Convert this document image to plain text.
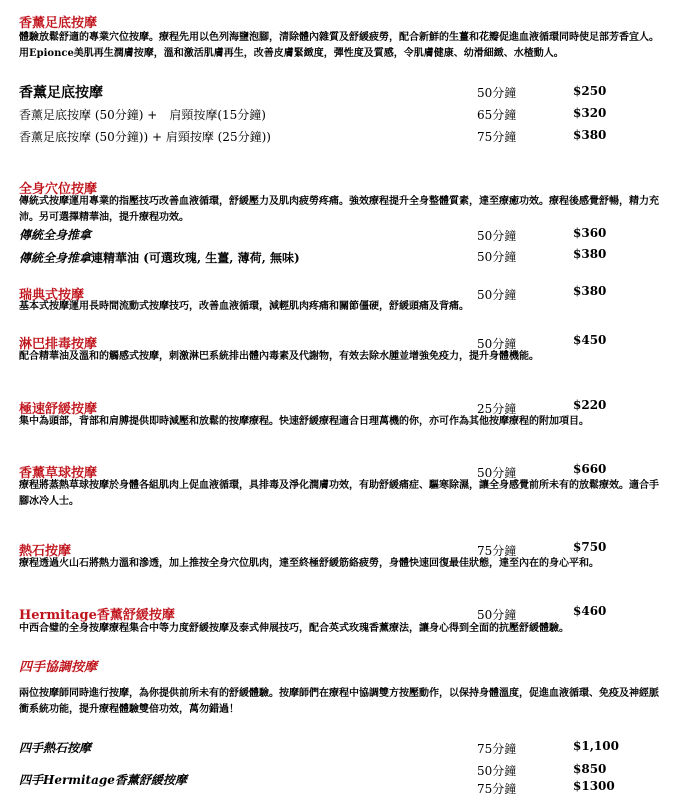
香薰足底按摩
體驗放鬆舒適的專業穴位按摩。療程先用以色列海鹽泡腳，清除體內雜質及舒緩疲勞，配合新鮮的生薑和花瓣促進血液循環同時使足部芳香宜人。用Epionce美肌再生潤膚按摩，溫和激活肌膚再生，改善皮膚緊緻度，彈性度及質感，令肌膚健康、幼滑細緻、水楂動人。
香薰足底按摩	50分鐘	$250
香薰足底按摩 (50分鐘) +　肩頸按摩(15分鐘)	65分鐘	$320
香薰足底按摩 (50分鐘)) + 肩頸按摩 (25分鐘))	75分鐘	$380
全身穴位按摩
傳統式按摩運用專業的指壓技巧改善血液循環，舒緩壓力及肌肉疲勞疼痛。強效療程提升全身整體質素，達至療癒功效。療程後感覺舒暢，精力充沛。另可選擇精華油，提升療程功效。
傳統全身推拿	50分鐘	$360
傳統全身推拿連精華油 (可選玫瑰, 生薑, 薄荷, 無味)	50分鐘	$380
瑞典式按摩	50分鐘	$380
基本式按摩運用長時間流動式按摩技巧，改善血液循環，減輕肌肉疼痛和關節僵硬，舒緩頭痛及背痛。
淋巴排毒按摩	50分鐘	$450
配合精華油及溫和的觸感式按摩，刺激淋巴系統排出體內毒素及代謝物，有效去除水腫並增強免疫力，提升身體機能。
極速舒緩按摩	25分鐘	$220
集中為頭部，背部和肩膊提供即時減壓和放鬆的按摩療程。快速舒緩療程適合日理萬機的你，亦可作為其他按摩療程的附加項目。
香薰草球按摩	50分鐘	$660
療程將蒸熱草球按摩於身體各組肌肉上促血液循環，具排毒及淨化潤膚功效，有助舒緩痛症、驅寒除濕，讓全身感覺前所未有的放鬆療效。適合手腳冰冷人士。
熱石按摩	75分鐘	$750
療程透過火山石將熱力溫和滲透，加上推按全身穴位肌肉，達至終極舒緩筋絡疲勞，身體快速回復最佳狀態，達至內在的身心平和。
Hermitage香薰舒緩按摩	50分鐘	$460
中西合璧的全身按摩療程集合中等力度舒緩按摩及泰式伸展技巧，配合英式玫瑰香薰療法，讓身心得到全面的抗壓舒緩體驗。
四手協調按摩
兩位按摩師同時進行按摩，為你提供前所未有的舒緩體驗。按摩師們在療程中協調雙方按壓動作，以保持身體溫度，促進血液循環、免疫及神經脈衝系統功能，提升療程體驗雙倍功效，萬勿錯過！
四手熱石按摩	75分鐘	$1,100
四手Hermitage香薰舒緩按摩
50分鐘	$850
75分鐘	$1300
